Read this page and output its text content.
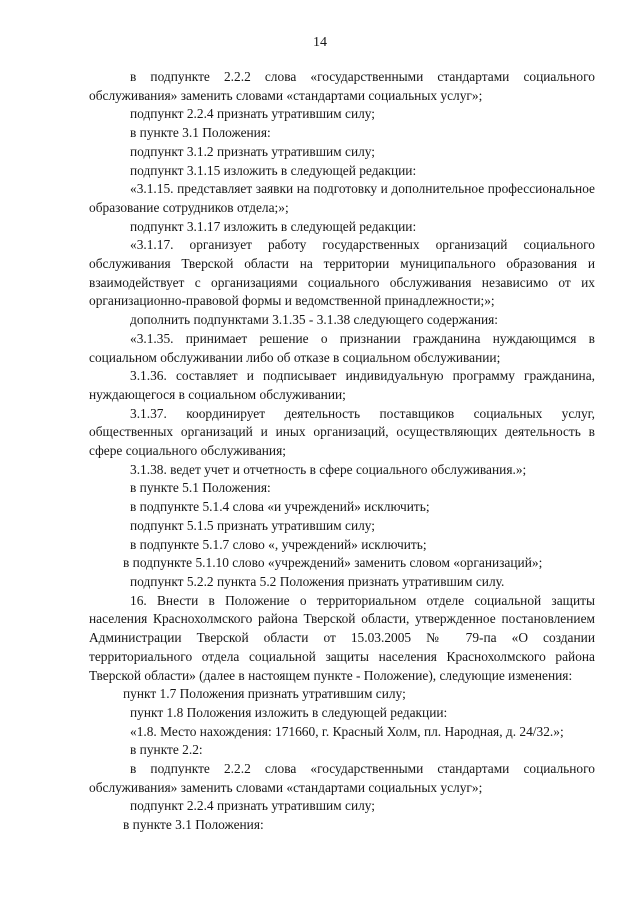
14

в подпункте 2.2.2 слова «государственными стандартами социального обслуживания» заменить словами «стандартами социальных услуг»;

подпункт 2.2.4 признать утратившим силу;

в пункте 3.1 Положения:

подпункт 3.1.2 признать утратившим силу;

подпункт 3.1.15 изложить в следующей редакции:

«3.1.15. представляет заявки на подготовку и дополнительное профессиональное образование сотрудников отдела;»;

подпункт 3.1.17 изложить в следующей редакции:

«3.1.17. организует работу государственных организаций социального обслуживания Тверской области на территории муниципального образования и взаимодействует с организациями социального обслуживания независимо от их организационно-правовой формы и ведомственной принадлежности;»;

дополнить подпунктами 3.1.35 - 3.1.38 следующего содержания:

«3.1.35. принимает решение о признании гражданина нуждающимся в социальном обслуживании либо об отказе в социальном обслуживании;

3.1.36. составляет и подписывает индивидуальную программу гражданина, нуждающегося в социальном обслуживании;

3.1.37. координирует деятельность поставщиков социальных услуг, общественных организаций и иных организаций, осуществляющих деятельность в сфере социального обслуживания;

3.1.38. ведет учет и отчетность в сфере социального обслуживания.»;

в пункте 5.1 Положения:

в подпункте 5.1.4 слова «и учреждений» исключить;

подпункт 5.1.5 признать утратившим силу;

в подпункте 5.1.7 слово «, учреждений» исключить;

в подпункте 5.1.10 слово «учреждений» заменить словом «организаций»;

подпункт 5.2.2 пункта 5.2 Положения признать утратившим силу.

16. Внести в Положение о территориальном отделе социальной защиты населения Краснохолмского района Тверской области, утвержденное постановлением Администрации Тверской области от 15.03.2005 № 79-па «О создании территориального отдела социальной защиты населения Краснохолмского района Тверской области» (далее в настоящем пункте - Положение), следующие изменения:

пункт 1.7 Положения признать утратившим силу;

пункт 1.8 Положения изложить в следующей редакции:

«1.8. Место нахождения: 171660, г. Красный Холм, пл. Народная, д. 24/32.»;

в пункте 2.2:

в подпункте 2.2.2 слова «государственными стандартами социального обслуживания» заменить словами «стандартами социальных услуг»;

подпункт 2.2.4 признать утратившим силу;

в пункте 3.1 Положения:
